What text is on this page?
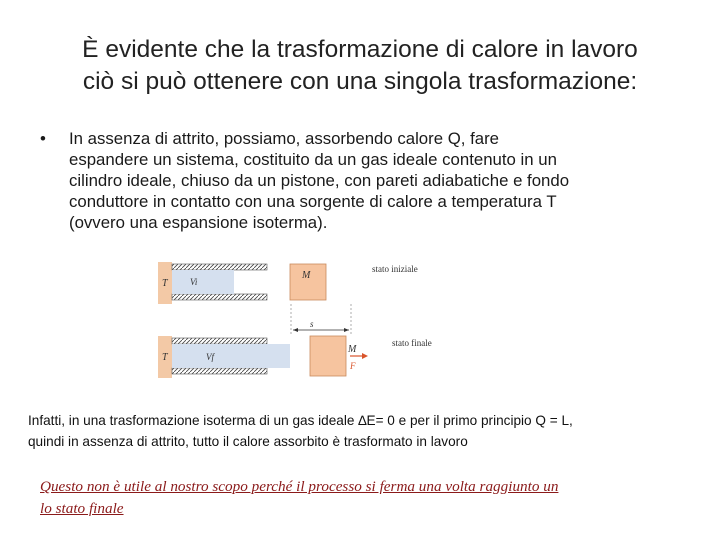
È evidente che la trasformazione di calore in lavoro
ciò si può ottenere con una singola trasformazione:
• In assenza di attrito, possiamo, assorbendo calore Q, fare
espandere un sistema, costituito da un gas ideale contenuto in un
cilindro ideale, chiuso da un pistone, con pareti adiabatiche e fondo
conduttore in contatto con una sorgente di calore a temperatura T
(ovvero una espansione isoterma).
T Vi
M
stato iniziale
s
T	Vf
M
F
stato finale
Infatti, in una trasformazione isoterma di un gas ideale ∆E= 0 e per il primo principio Q = L,
quindi in assenza di attrito, tutto il calore assorbito è trasformato in lavoro
Questo non è utile al nostro scopo perché il processo si ferma una volta raggiunto un
lo stato finale
